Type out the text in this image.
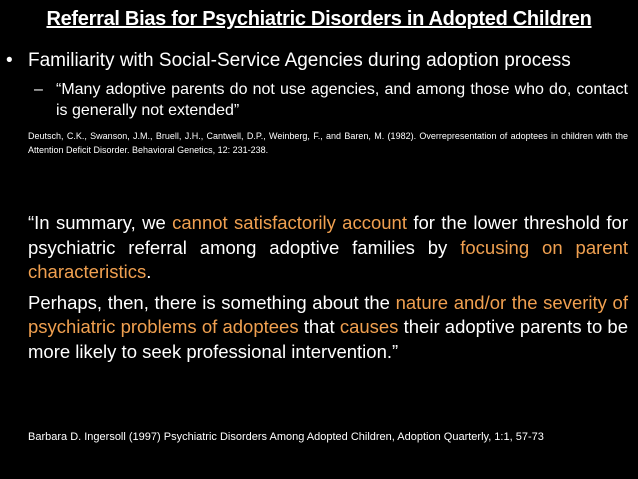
Referral Bias for Psychiatric Disorders in Adopted Children
• Familiarity with Social-Service Agencies during adoption process
– “Many adoptive parents do not use agencies, and among those who do, contact is generally not extended”
Deutsch, C.K., Swanson, J.M., Bruell, J.H., Cantwell, D.P., Weinberg, F., and Baren, M. (1982). Overrepresentation of adoptees in children with the Attention Deficit Disorder. Behavioral Genetics, 12: 231-238.

“In summary, we cannot satisfactorily account for the lower threshold for psychiatric referral among adoptive families by focusing on parent characteristics.

Perhaps, then, there is something about the nature and/or the severity of psychiatric problems of adoptees that causes their adoptive parents to be more likely to seek professional intervention.”

Barbara D. Ingersoll (1997) Psychiatric Disorders Among Adopted Children, Adoption Quarterly, 1:1, 57-73
